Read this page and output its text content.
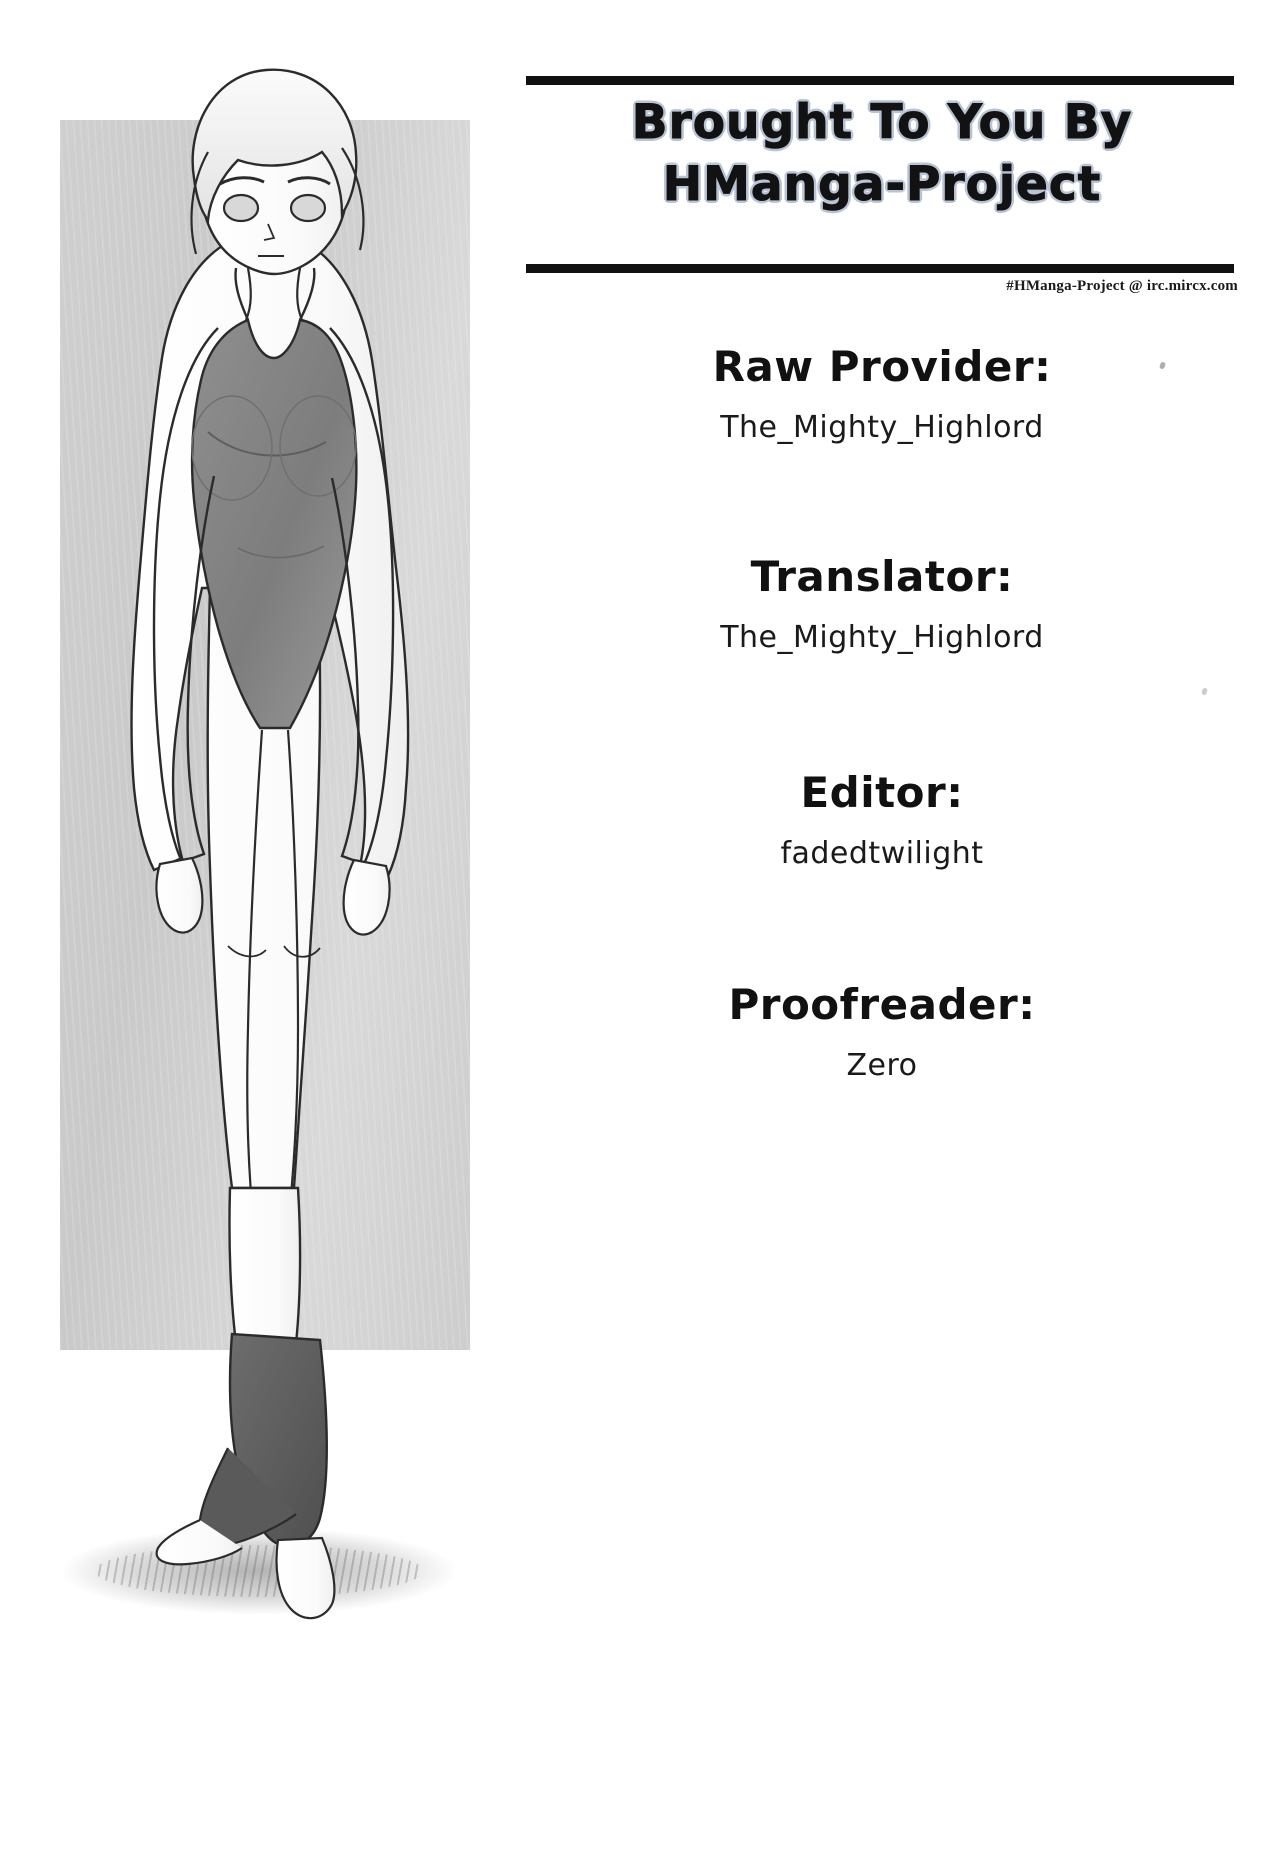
Brought To You By
HManga-Project
#HManga-Project @ irc.mircx.com
Raw Provider:
The_Mighty_Highlord
Translator:
The_Mighty_Highlord
Editor:
fadedtwilight
Proofreader:
Zero
